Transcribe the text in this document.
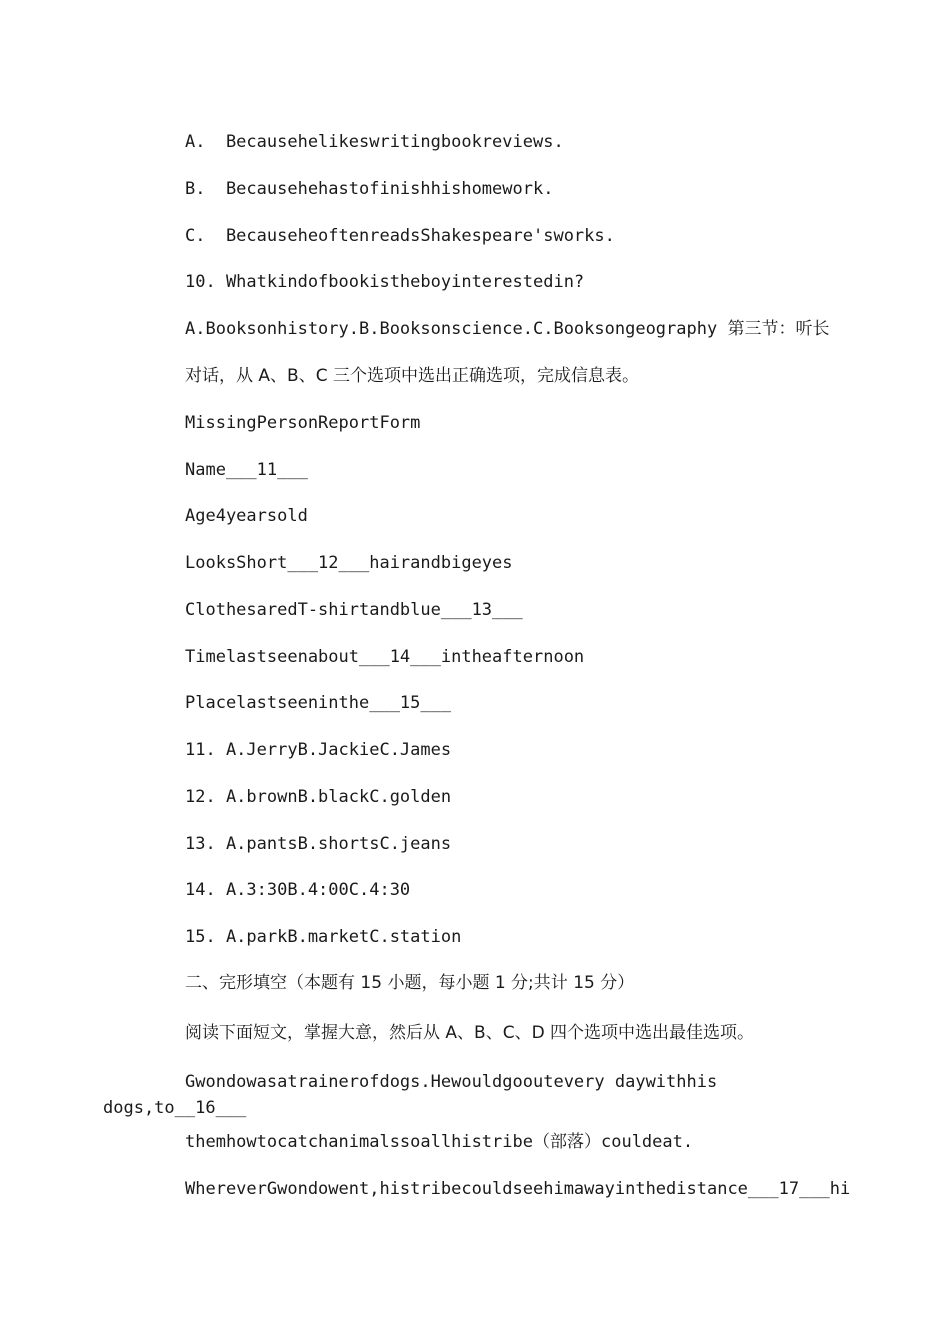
A.  Becausehelikeswritingbookreviews.
B.  Becausehehastofinishhishomework.
C.  BecauseheoftenreadsShakespeare'sworks.
10. Whatkindofbookistheboyinterestedin?
A.Booksonhistory.B.Booksonscience.C.Booksongeography 第三节：听长
对话，从 A、B、C 三个选项中选出正确选项，完成信息表。
MissingPersonReportForm
Name___11___
Age4yearsold
LooksShort___12___hairandbigeyes
ClothesaredT-shirtandblue___13___
Timelastseenabout___14___intheafternoon
Placelastseeninthe___15___
11. A.JerryB.JackieC.James
12. A.brownB.blackC.golden
13. A.pantsB.shortsC.jeans
14. A.3:30B.4:00C.4:30
15. A.parkB.marketC.station
二、完形填空（本题有 15 小题，每小题 1 分;共计 15 分）
阅读下面短文，掌握大意，然后从 A、B、C、D 四个选项中选出最佳选项。
Gwondowasatrainerofdogs.Hewouldgooutevery daywithhis
dogs,to__16___
themhowtocatchanimalssoallhistribe（部落）couldeat.
WhereverGwondowent,histribecouldseehimawayinthedistance___17___hi
